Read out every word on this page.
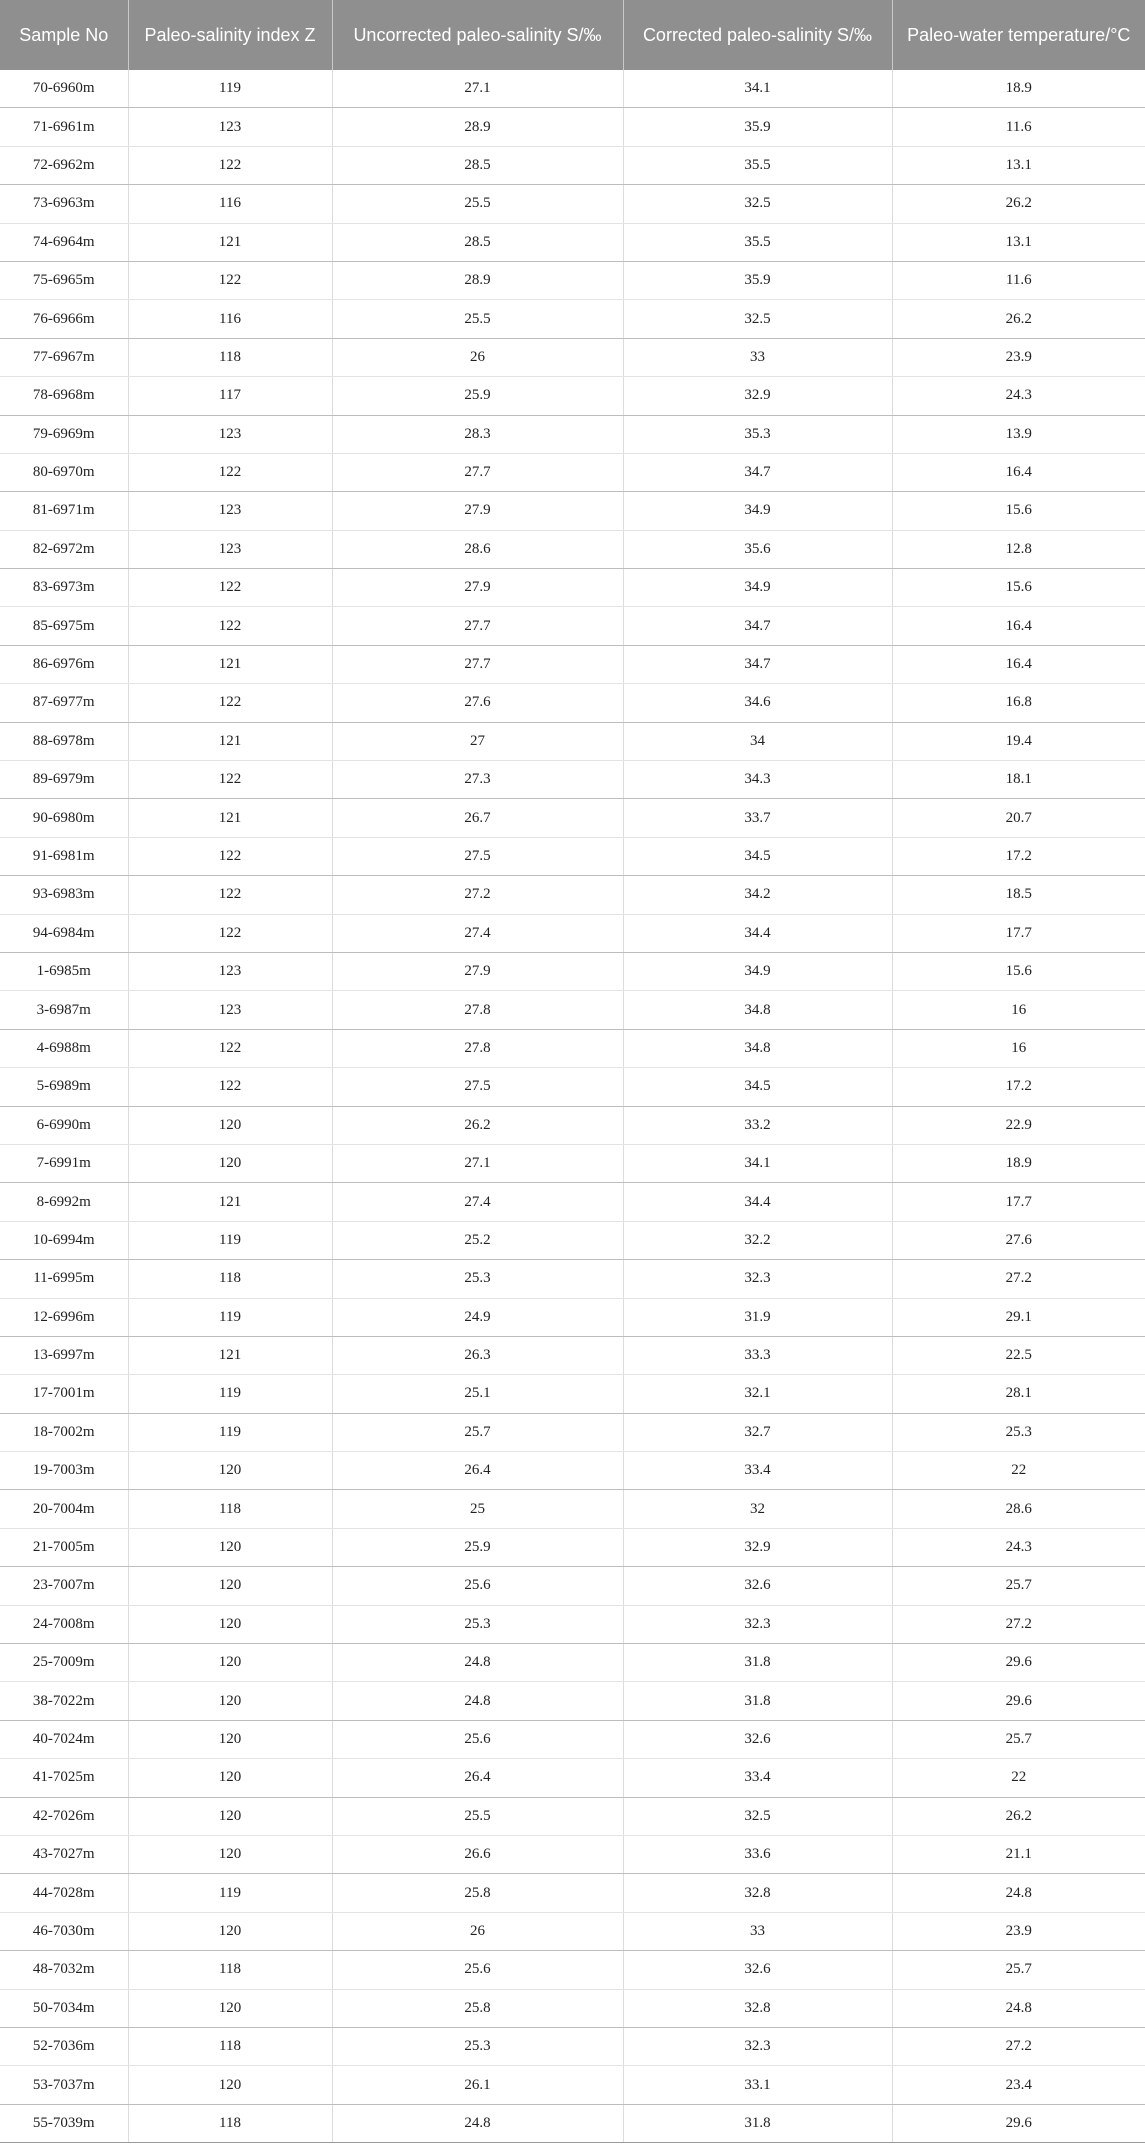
Sample No	Paleo-salinity index Z	Uncorrected paleo-salinity S/‰	Corrected paleo-salinity S/‰	Paleo-water temperature/°C
70-6960m	119	27.1	34.1	18.9
71-6961m	123	28.9	35.9	11.6
72-6962m	122	28.5	35.5	13.1
73-6963m	116	25.5	32.5	26.2
74-6964m	121	28.5	35.5	13.1
75-6965m	122	28.9	35.9	11.6
76-6966m	116	25.5	32.5	26.2
77-6967m	118	26	33	23.9
78-6968m	117	25.9	32.9	24.3
79-6969m	123	28.3	35.3	13.9
80-6970m	122	27.7	34.7	16.4
81-6971m	123	27.9	34.9	15.6
82-6972m	123	28.6	35.6	12.8
83-6973m	122	27.9	34.9	15.6
85-6975m	122	27.7	34.7	16.4
86-6976m	121	27.7	34.7	16.4
87-6977m	122	27.6	34.6	16.8
88-6978m	121	27	34	19.4
89-6979m	122	27.3	34.3	18.1
90-6980m	121	26.7	33.7	20.7
91-6981m	122	27.5	34.5	17.2
93-6983m	122	27.2	34.2	18.5
94-6984m	122	27.4	34.4	17.7
1-6985m	123	27.9	34.9	15.6
3-6987m	123	27.8	34.8	16
4-6988m	122	27.8	34.8	16
5-6989m	122	27.5	34.5	17.2
6-6990m	120	26.2	33.2	22.9
7-6991m	120	27.1	34.1	18.9
8-6992m	121	27.4	34.4	17.7
10-6994m	119	25.2	32.2	27.6
11-6995m	118	25.3	32.3	27.2
12-6996m	119	24.9	31.9	29.1
13-6997m	121	26.3	33.3	22.5
17-7001m	119	25.1	32.1	28.1
18-7002m	119	25.7	32.7	25.3
19-7003m	120	26.4	33.4	22
20-7004m	118	25	32	28.6
21-7005m	120	25.9	32.9	24.3
23-7007m	120	25.6	32.6	25.7
24-7008m	120	25.3	32.3	27.2
25-7009m	120	24.8	31.8	29.6
38-7022m	120	24.8	31.8	29.6
40-7024m	120	25.6	32.6	25.7
41-7025m	120	26.4	33.4	22
42-7026m	120	25.5	32.5	26.2
43-7027m	120	26.6	33.6	21.1
44-7028m	119	25.8	32.8	24.8
46-7030m	120	26	33	23.9
48-7032m	118	25.6	32.6	25.7
50-7034m	120	25.8	32.8	24.8
52-7036m	118	25.3	32.3	27.2
53-7037m	120	26.1	33.1	23.4
55-7039m	118	24.8	31.8	29.6
